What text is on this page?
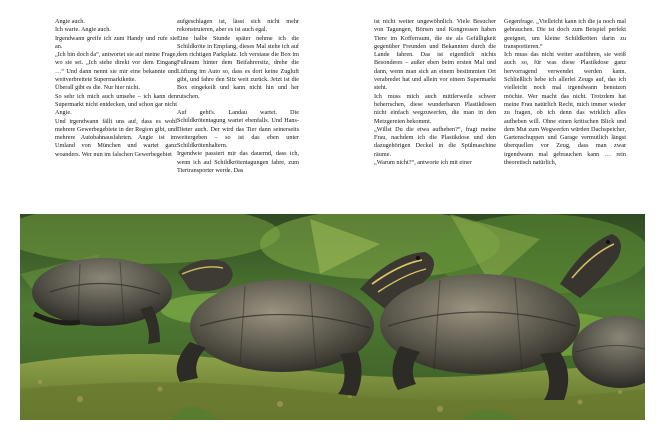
Angie auch.

Ich warte. Angie auch.

Irgendwann greife ich zum Handy und rufe sie an.

„Ich bin doch da“, antwortet sie auf meine Frage, wo sie sei. „Ich stehe direkt vor dem Eingang …“ Und dann nennt sie mir eine bekannte und weitverbreitete Supermarktkette.

Überall gibt es die. Nur hier nicht.

So sehr ich mich auch umsehe – ich kann den Supermarkt nicht entdecken, und schon gar nicht Angie.

Und irgendwann fällt uns auf, dass es wohl mehrere Gewerbegebiete in der Region gibt, und mehrere Autobahnausfahrten. Angie ist im Umland von München und wartet ganz woanders. Wer nun im falschen Gewerbegebiet

aufgeschlagen ist, lässt sich nicht mehr rekonstruieren, aber es ist auch egal.

Eine halbe Stunde später nehme ich die Schildkröte in Empfang, dieses Mal stehe ich auf dem richtigen Parkplatz. Ich verstaue die Box im Fußraum hinter dem Beifahrersitz, drehe die Lüftung im Auto so, dass es dort keine Zugluft gibt, und fahre den Sitz weit zurück. Jetzt ist die Box eingekeilt und kann nicht hin und her rutschen.

Auf geht's. Landau wartet. Die Schildkrötentagung wartet ebenfalls. Und Hans-Dieter auch. Der wird das Tier dann seinerseits weitergeben – so ist das eben unter Schildkrötenhaltern.

Irgendwie passiert mir das dauernd, dass ich, wenn ich auf Schildkrötentagungen fahre, zum Tiertransporter werde. Das

ist nicht weiter ungewöhnlich. Viele Besucher von Tagungen, Börsen und Kongressen haben Tiere im Kofferraum, die sie als Gefälligkeit gegenüber Freunden und Bekannten durch die Lande fahren. Das ist eigentlich nichts Besonderes – außer eben beim ersten Mal und dann, wenn man sich an einem bestimmten Ort verabredet hat und allein vor einem Supermarkt steht.

Ich muss mich auch mittlerweile schwer beherrschen, diese wunderbaren Plastikdosen nicht einfach wegzuwerfen, die man in den Metzgereien bekommt.

„Willst Du die etwa aufheben?“, fragt meine Frau, nachdem ich die Plastikdose und den dazugehörigen Deckel in die Spülmaschine räume.

„Warum nicht?“, antworte ich mit einer

Gegenfrage. „Vielleicht kann ich die ja noch mal gebrauchen. Die ist doch zum Beispiel perfekt geeignet, um kleine Schildkröten darin zu transportieren.“

Ich muss das nicht weiter ausführen, sie weiß auch so, für was diese Plastikdose ganz hervorragend verwendet werden kann. Schließlich hebe ich allerlei Zeugs auf, das ich vielleicht noch mal irgendwann benutzen möchte. Wer macht das nicht. Trotzdem hat meine Frau natürlich Recht, mich immer wieder zu fragen, ob ich denn das wirklich alles aufheben will. Ohne einen kritischen Blick und dem Mut zum Wegwerfen würden Dachspeicher, Gartenschuppen und Garage vermutlich längst überquellen vor Zeug, dass man zwar irgendwann mal gebrauchen kann … rein theoretisch natürlich,
